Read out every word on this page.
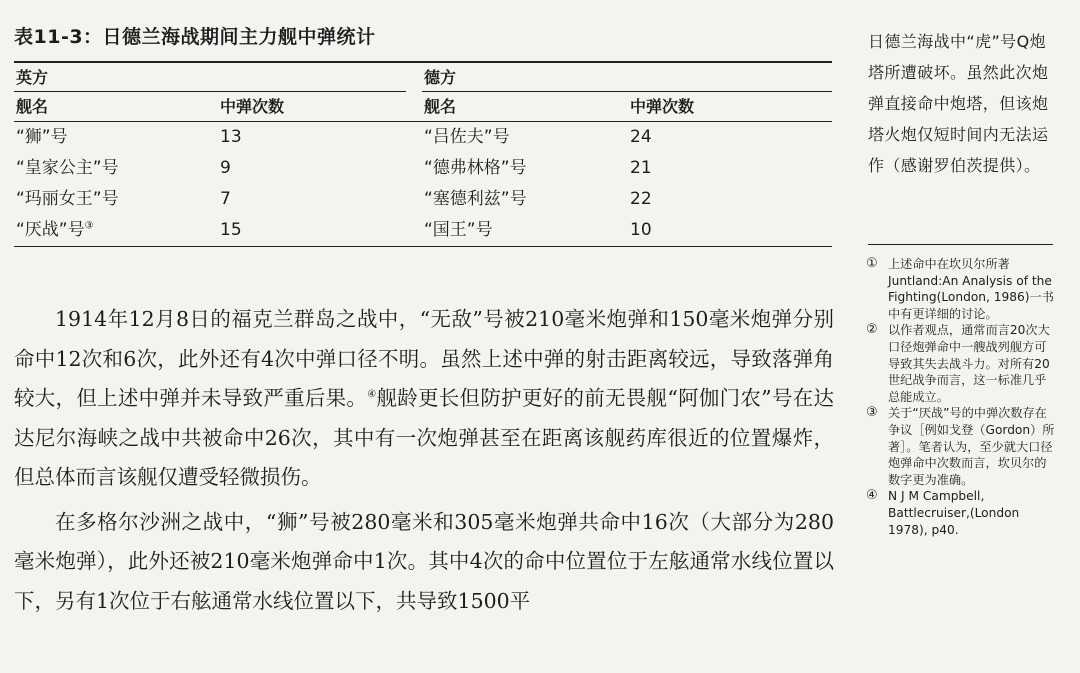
表11-3：日德兰海战期间主力舰中弹统计
英方	德方
舰名	中弹次数	舰名	中弹次数
“狮”号	13	“吕佐夫”号	24
“皇家公主”号	9	“德弗林格”号	21
“玛丽女王”号	7	“塞德利兹”号	22
“厌战”号③	15	“国王”号	10

1914年12月8日的福克兰群岛之战中，“无敌”号被210毫米炮弹和150毫米炮弹分别命中12次和6次，此外还有4次中弹口径不明。虽然上述中弹的射击距离较远，导致落弹角较大，但上述中弹并未导致严重后果。④舰龄更长但防护更好的前无畏舰“阿伽门农”号在达达尼尔海峡之战中共被命中26次，其中有一次炮弹甚至在距离该舰药库很近的位置爆炸，但总体而言该舰仅遭受轻微损伤。

在多格尔沙洲之战中，“狮”号被280毫米和305毫米炮弹共命中16次（大部分为280毫米炮弹），此外还被210毫米炮弹命中1次。其中4次的命中位置位于左舷通常水线位置以下，另有1次位于右舷通常水线位置以下，共导致1500平

日德兰海战中“虎”号Q炮塔所遭破坏。虽然此次炮弹直接命中炮塔，但该炮塔火炮仅短时间内无法运作（感谢罗伯茨提供）。
① 上述命中在坎贝尔所著Juntland:An Analysis of the Fighting(London, 1986)一书中有更详细的讨论。
② 以作者观点，通常而言20次大口径炮弹命中一艘战列舰方可导致其失去战斗力。对所有20世纪战争而言，这一标准几乎总能成立。
③ 关于“厌战”号的中弹次数存在争议［例如戈登（Gordon）所著］。笔者认为，至少就大口径炮弹命中次数而言，坎贝尔的数字更为准确。
④ N J M Campbell, Battlecruiser,(London 1978), p40.
